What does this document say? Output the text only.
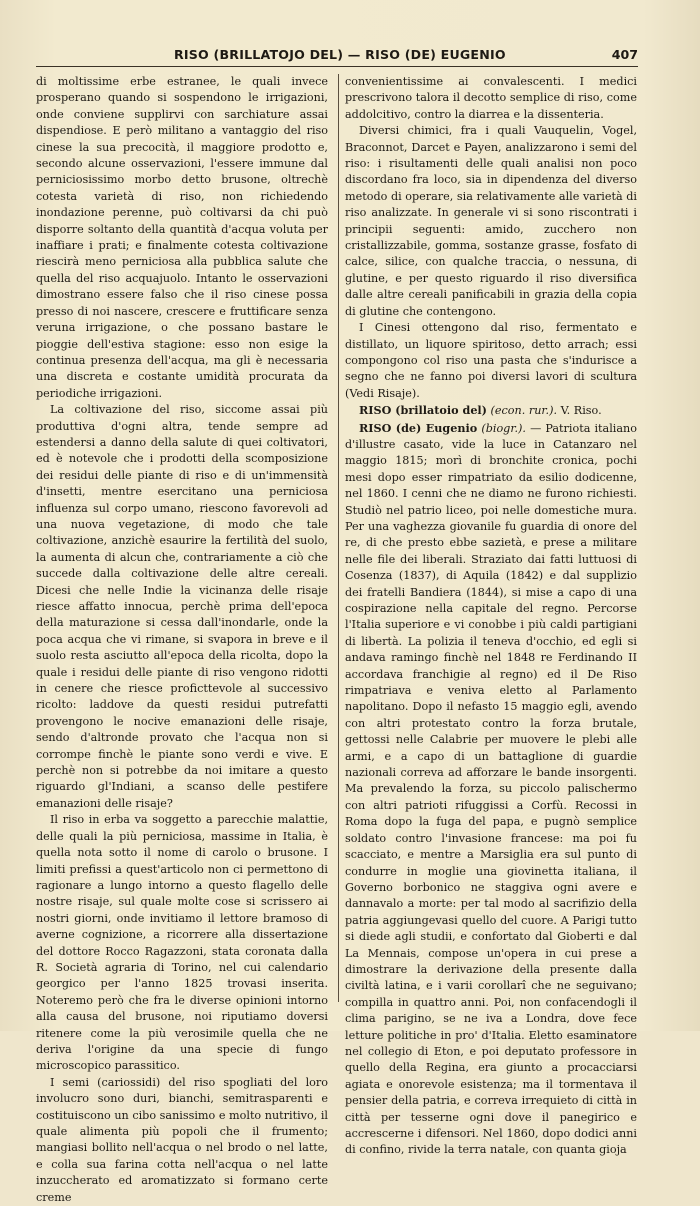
RISO (BRILLATOJO DEL) — RISO (DE) EUGENIO	407

di moltissime erbe estranee, le quali invece prosperano quando si sospendono le irrigazioni, onde conviene supplirvi con sarchiature assai dispendiose. E però militano a vantaggio del riso cinese la sua precocità, il maggiore prodotto e, secondo alcune osservazioni, l'essere immune dal perniciosissimo morbo detto brusone, oltrechè cotesta varietà di riso, non richiedendo inondazione perenne, può coltivarsi da chi può disporre soltanto della quantità d'acqua voluta per inaffiare i prati; e finalmente cotesta coltivazione riescirà meno perniciosa alla pubblica salute che quella del riso acquajuolo. Intanto le osservazioni dimostrano essere falso che il riso cinese possa presso di noi nascere, crescere e fruttificare senza veruna irrigazione, o che possano bastare le pioggie dell'estiva stagione: esso non esige la continua presenza dell'acqua, ma gli è necessaria una discreta e costante umidità procurata da periodiche irrigazioni.

La coltivazione del riso, siccome assai più produttiva d'ogni altra, tende sempre ad estendersi a danno della salute di quei coltivatori, ed è notevole che i prodotti della scomposizione dei residui delle piante di riso e di un'immensità d'insetti, mentre esercitano una perniciosa influenza sul corpo umano, riescono favorevoli ad una nuova vegetazione, di modo che tale coltivazione, anzichè esaurire la fertilità del suolo, la aumenta di alcun che, contrariamente a ciò che succede dalla coltivazione delle altre cereali. Dicesi che nelle Indie la vicinanza delle risaje riesce affatto innocua, perchè prima dell'epoca della maturazione si cessa dall'inondarle, onde la poca acqua che vi rimane, si svapora in breve e il suolo resta asciutto all'epoca della ricolta, dopo la quale i residui delle piante di riso vengono ridotti in cenere che riesce proficttevole al successivo ricolto: laddove da questi residui putrefatti provengono le nocive emanazioni delle risaje, sendo d'altronde provato che l'acqua non si corrompe finchè le piante sono verdi e vive. E perchè non si potrebbe da noi imitare a questo riguardo gl'Indiani, a scanso delle pestifere emanazioni delle risaje?

Il riso in erba va soggetto a parecchie malattie, delle quali la più perniciosa, massime in Italia, è quella nota sotto il nome di carolo o brusone. I limiti prefissi a quest'articolo non ci permettono di ragionare a lungo intorno a questo flagello delle nostre risaje, sul quale molte cose si scrissero ai nostri giorni, onde invitiamo il lettore bramoso di averne cognizione, a ricorrere alla dissertazione del dottore Rocco Ragazzoni, stata coronata dalla R. Società agraria di Torino, nel cui calendario georgico per l'anno 1825 trovasi inserita. Noteremo però che fra le diverse opinioni intorno alla causa del brusone, noi riputiamo doversi ritenere come la più verosimile quella che ne deriva l'origine da una specie di fungo microscopico parassitico.

I semi (cariossidi) del riso spogliati del loro involucro sono duri, bianchi, semitrasparenti e costituiscono un cibo sanissimo e molto nutritivo, il quale alimenta più popoli che il frumento; mangiasi bollito nell'acqua o nel brodo o nel latte, e colla sua farina cotta nell'acqua o nel latte inzuccherato ed aromatizzato si formano certe creme

convenientissime ai convalescenti. I medici prescrivono talora il decotto semplice di riso, come addolcitivo, contro la diarrea e la dissenteria.

Diversi chimici, fra i quali Vauquelin, Vogel, Braconnot, Darcet e Payen, analizzarono i semi del riso: i risultamenti delle quali analisi non poco discordano fra loco, sia in dipendenza del diverso metodo di operare, sia relativamente alle varietà di riso analizzate. In generale vi si sono riscontrati i principii seguenti: amido, zucchero non cristallizzabile, gomma, sostanze grasse, fosfato di calce, silice, con qualche traccia, o nessuna, di glutine, e per questo riguardo il riso diversifica dalle altre cereali panificabili in grazia della copia di glutine che contengono.

I Cinesi ottengono dal riso, fermentato e distillato, un liquore spiritoso, detto arrach; essi compongono col riso una pasta che s'indurisce a segno che ne fanno poi diversi lavori di scultura (Vedi Risaje).

RISO (brillatoio del) (econ. rur.). V. Riso.

RISO (de) Eugenio (biogr.). — Patriota italiano d'illustre casato, vide la luce in Catanzaro nel maggio 1815; morì di bronchite cronica, pochi mesi dopo esser rimpatriato da esilio dodicenne, nel 1860. I cenni che ne diamo ne furono richiesti. Studiò nel patrio liceo, poi nelle domestiche mura. Per una vaghezza giovanile fu guardia di onore del re, di che presto ebbe sazietà, e prese a militare nelle file dei liberali. Straziato dai fatti luttuosi di Cosenza (1837), di Aquila (1842) e dal supplizio dei fratelli Bandiera (1844), si mise a capo di una cospirazione nella capitale del regno. Percorse l'Italia superiore e vi conobbe i più caldi partigiani di libertà. La polizia il teneva d'occhio, ed egli si andava ramingo finchè nel 1848 re Ferdinando II accordava franchigie al regno) ed il De Riso rimpatriava e veniva eletto al Parlamento napolitano. Dopo il nefasto 15 maggio egli, avendo con altri protestato contro la forza brutale, gettossi nelle Calabrie per muovere le plebi alle armi, e a capo di un battaglione di guardie nazionali correva ad afforzare le bande insorgenti. Ma prevalendo la forza, su piccolo palischermo con altri patrioti rifuggissi a Corfù. Recossi in Roma dopo la fuga del papa, e pugnò semplice soldato contro l'invasione francese: ma poi fu scacciato, e mentre a Marsiglia era sul punto di condurre in moglie una giovinetta italiana, il Governo borbonico ne staggiva ogni avere e dannavalo a morte: per tal modo al sacrifizio della patria aggiungevasi quello del cuore. A Parigi tutto si diede agli studii, e confortato dal Gioberti e dal La Mennais, compose un'opera in cui prese a dimostrare la derivazione della presente dalla civiltà latina, e i varii corollarî che ne seguivano; compilla in quattro anni. Poi, non confacendogli il clima parigino, se ne iva a Londra, dove fece letture politiche in pro' d'Italia. Eletto esaminatore nel collegio di Eton, e poi deputato professore in quello della Regina, era giunto a procacciarsi agiata e onorevole esistenza; ma il tormentava il pensier della patria, e correva irrequieto di città in città per tesserne ogni dove il panegirico e accrescerne i difensori. Nel 1860, dopo dodici anni di confino, rivide la terra natale, con quanta gioja
